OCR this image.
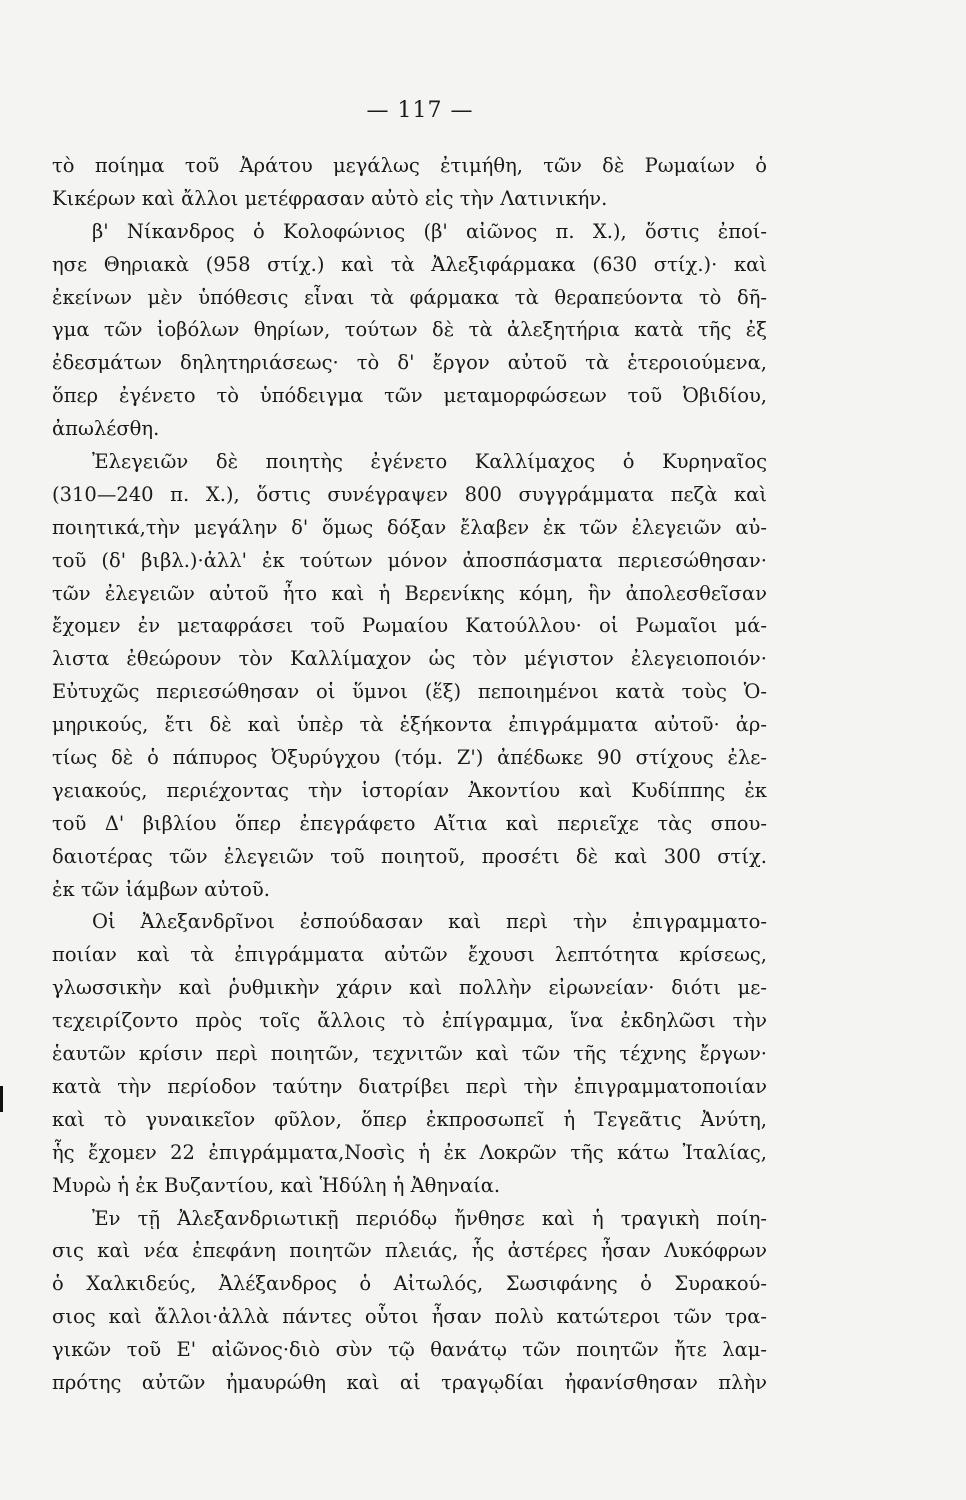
— 117 —
τὸ ποίημα τοῦ Ἀράτου μεγάλως ἐτιμήθη, τῶν δὲ Ρωμαίων ὁ
Κικέρων καὶ ἄλλοι μετέφρασαν αὐτὸ εἰς τὴν Λατινικήν.
β' Νίκανδρος ὁ Κολοφώνιος (β' αἰῶνος π. Χ.), ὅστις ἐποί-
ησε Θηριακὰ (958 στίχ.) καὶ τὰ Ἀλεξιφάρμακα (630 στίχ.)· καὶ
ἐκείνων μὲν ὑπόθεσις εἶναι τὰ φάρμακα τὰ θεραπεύοντα τὸ δῆ-
γμα τῶν ἰοβόλων θηρίων, τούτων δὲ τὰ ἀλεξητήρια κατὰ τῆς ἐξ
ἐδεσμάτων δηλητηριάσεως· τὸ δ' ἔργον αὐτοῦ τὰ ἑτεροιούμενα,
ὅπερ ἐγένετο τὸ ὑπόδειγμα τῶν μεταμορφώσεων τοῦ Ὀβιδίου,
ἀπωλέσθη.
Ἐλεγειῶν δὲ ποιητὴς ἐγένετο Καλλίμαχος ὁ Κυρηναῖος
(310—240 π. Χ.), ὅστις συνέγραψεν 800 συγγράμματα πεζὰ καὶ
ποιητικά,τὴν μεγάλην δ' ὅμως δόξαν ἔλαβεν ἐκ τῶν ἐλεγειῶν αὐ-
τοῦ (δ' βιβλ.)·ἀλλ' ἐκ τούτων μόνον ἀποσπάσματα περιεσώθησαν·
τῶν ἐλεγειῶν αὐτοῦ ἦτο καὶ ἡ Βερενίκης κόμη, ἣν ἀπολεσθεῖσαν
ἔχομεν ἐν μεταφράσει τοῦ Ρωμαίου Κατούλλου· οἱ Ρωμαῖοι μά-
λιστα ἐθεώρουν τὸν Καλλίμαχον ὡς τὸν μέγιστον ἐλεγειοποιόν·
Εὐτυχῶς περιεσώθησαν οἱ ὕμνοι (ἕξ) πεποιημένοι κατὰ τοὺς Ὁ-
μηρικούς, ἔτι δὲ καὶ ὑπὲρ τὰ ἑξήκοντα ἐπιγράμματα αὐτοῦ· ἀρ-
τίως δὲ ὁ πάπυρος Ὀξυρύγχου (τόμ. Ζ') ἀπέδωκε 90 στίχους ἐλε-
γειακούς, περιέχοντας τὴν ἱστορίαν Ἀκοντίου καὶ Κυδίππης ἐκ
τοῦ Δ' βιβλίου ὅπερ ἐπεγράφετο Αἴτια καὶ περιεῖχε τὰς σπου-
δαιοτέρας τῶν ἐλεγειῶν τοῦ ποιητοῦ, προσέτι δὲ καὶ 300 στίχ.
ἐκ τῶν ἰάμβων αὐτοῦ.
Οἱ Ἀλεξανδρῖνοι ἐσπούδασαν καὶ περὶ τὴν ἐπιγραμματο-
ποιίαν καὶ τὰ ἐπιγράμματα αὐτῶν ἔχουσι λεπτότητα κρίσεως,
γλωσσικὴν καὶ ῥυθμικὴν χάριν καὶ πολλὴν εἰρωνείαν· διότι με-
τεχειρίζοντο πρὸς τοῖς ἄλλοις τὸ ἐπίγραμμα, ἵνα ἐκδηλῶσι τὴν
ἑαυτῶν κρίσιν περὶ ποιητῶν, τεχνιτῶν καὶ τῶν τῆς τέχνης ἔργων·
κατὰ τὴν περίοδον ταύτην διατρίβει περὶ τὴν ἐπιγραμματοποιίαν
καὶ τὸ γυναικεῖον φῦλον, ὅπερ ἐκπροσωπεῖ ἡ Τεγεᾶτις Ἀνύτη,
ἧς ἔχομεν 22 ἐπιγράμματα,Νοσὶς ἡ ἐκ Λοκρῶν τῆς κάτω Ἰταλίας,
Μυρὼ ἡ ἐκ Βυζαντίου, καὶ Ἡδύλη ἡ Ἀθηναία.
Ἐν τῇ Ἀλεξανδριωτικῇ περιόδῳ ἤνθησε καὶ ἡ τραγικὴ ποίη-
σις καὶ νέα ἐπεφάνη ποιητῶν πλειάς, ἧς ἀστέρες ἦσαν Λυκόφρων
ὁ Χαλκιδεύς, Ἀλέξανδρος ὁ Αἰτωλός, Σωσιφάνης ὁ Συρακού-
σιος καὶ ἄλλοι·ἀλλὰ πάντες οὗτοι ἦσαν πολὺ κατώτεροι τῶν τρα-
γικῶν τοῦ Ε' αἰῶνος·διὸ σὺν τῷ θανάτῳ τῶν ποιητῶν ἤτε λαμ-
πρότης αὐτῶν ἠμαυρώθη καὶ αἱ τραγῳδίαι ἠφανίσθησαν πλὴν
